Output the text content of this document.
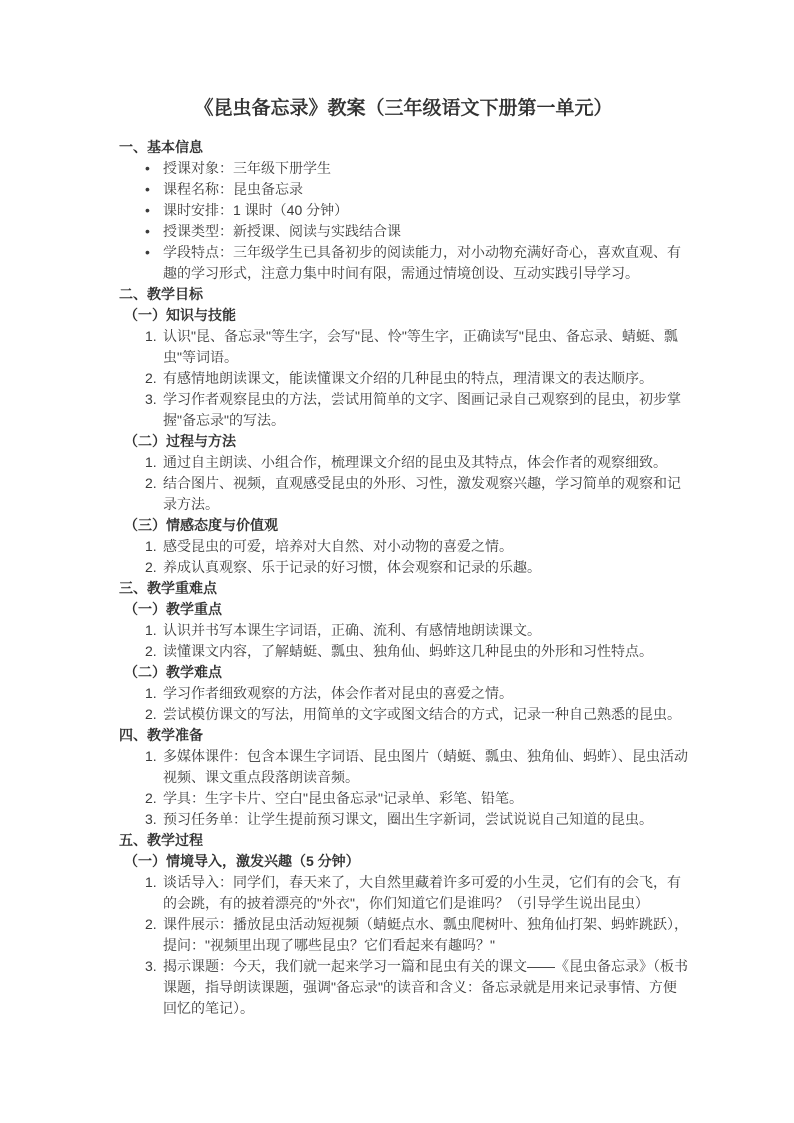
《昆虫备忘录》教案（三年级语文下册第一单元）
一、基本信息
• 授课对象：三年级下册学生
• 课程名称：昆虫备忘录
• 课时安排：1 课时（40 分钟）
• 授课类型：新授课、阅读与实践结合课
• 学段特点：三年级学生已具备初步的阅读能力，对小动物充满好奇心，喜欢直观、有趣的学习形式，注意力集中时间有限，需通过情境创设、互动实践引导学习。
二、教学目标
（一）知识与技能
1. 认识"昆、备忘录"等生字，会写"昆、怜"等生字，正确读写"昆虫、备忘录、蜻蜓、瓢虫"等词语。
2. 有感情地朗读课文，能读懂课文介绍的几种昆虫的特点，理清课文的表达顺序。
3. 学习作者观察昆虫的方法，尝试用简单的文字、图画记录自己观察到的昆虫，初步掌握"备忘录"的写法。
（二）过程与方法
1. 通过自主朗读、小组合作，梳理课文介绍的昆虫及其特点，体会作者的观察细致。
2. 结合图片、视频，直观感受昆虫的外形、习性，激发观察兴趣，学习简单的观察和记录方法。
（三）情感态度与价值观
1. 感受昆虫的可爱，培养对大自然、对小动物的喜爱之情。
2. 养成认真观察、乐于记录的好习惯，体会观察和记录的乐趣。
三、教学重难点
（一）教学重点
1. 认识并书写本课生字词语，正确、流利、有感情地朗读课文。
2. 读懂课文内容，了解蜻蜓、瓢虫、独角仙、蚂蚱这几种昆虫的外形和习性特点。
（二）教学难点
1. 学习作者细致观察的方法，体会作者对昆虫的喜爱之情。
2. 尝试模仿课文的写法，用简单的文字或图文结合的方式，记录一种自己熟悉的昆虫。
四、教学准备
1. 多媒体课件：包含本课生字词语、昆虫图片（蜻蜓、瓢虫、独角仙、蚂蚱）、昆虫活动视频、课文重点段落朗读音频。
2. 学具：生字卡片、空白"昆虫备忘录"记录单、彩笔、铅笔。
3. 预习任务单：让学生提前预习课文，圈出生字新词，尝试说说自己知道的昆虫。
五、教学过程
（一）情境导入，激发兴趣（5 分钟）
1. 谈话导入：同学们，春天来了，大自然里藏着许多可爱的小生灵，它们有的会飞，有的会跳，有的披着漂亮的"外衣"，你们知道它们是谁吗？（引导学生说出昆虫）
2. 课件展示：播放昆虫活动短视频（蜻蜓点水、瓢虫爬树叶、独角仙打架、蚂蚱跳跃），提问："视频里出现了哪些昆虫？它们看起来有趣吗？"
3. 揭示课题：今天，我们就一起来学习一篇和昆虫有关的课文——《昆虫备忘录》（板书课题，指导朗读课题，强调"备忘录"的读音和含义：备忘录就是用来记录事情、方便回忆的笔记）。
